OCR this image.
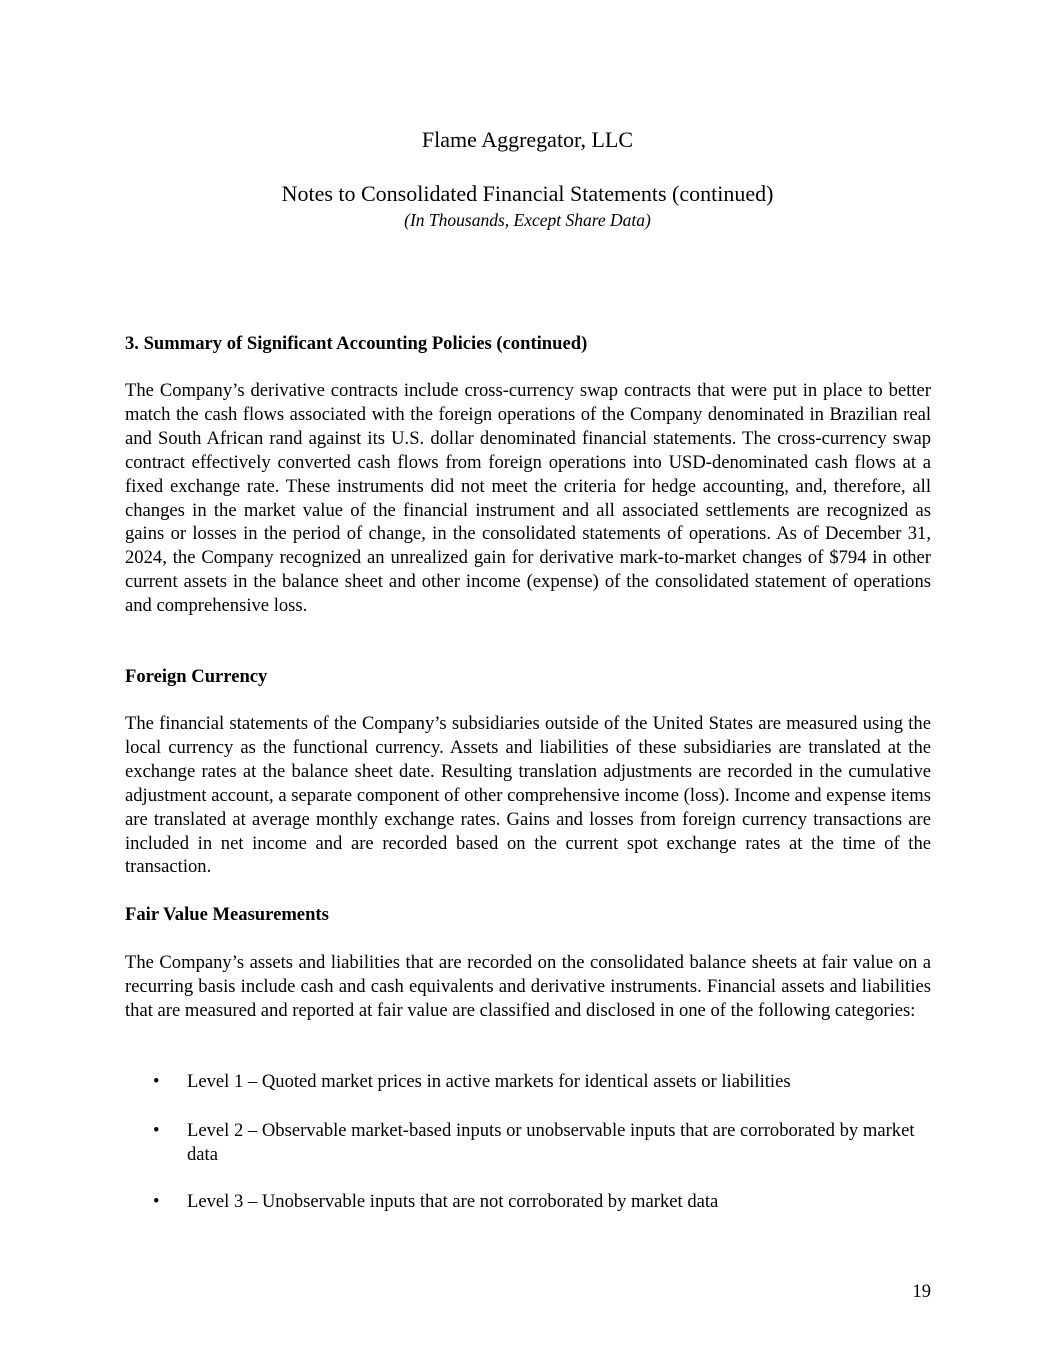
Flame Aggregator, LLC
Notes to Consolidated Financial Statements (continued)
(In Thousands, Except Share Data)
3. Summary of Significant Accounting Policies (continued)
The Company’s derivative contracts include cross-currency swap contracts that were put in place to better match the cash flows associated with the foreign operations of the Company denominated in Brazilian real and South African rand against its U.S. dollar denominated financial statements. The cross-currency swap contract effectively converted cash flows from foreign operations into USD-denominated cash flows at a fixed exchange rate. These instruments did not meet the criteria for hedge accounting, and, therefore, all changes in the market value of the financial instrument and all associated settlements are recognized as gains or losses in the period of change, in the consolidated statements of operations. As of December 31, 2024, the Company recognized an unrealized gain for derivative mark-to-market changes of $794 in other current assets in the balance sheet and other income (expense) of the consolidated statement of operations and comprehensive loss.
Foreign Currency
The financial statements of the Company’s subsidiaries outside of the United States are measured using the local currency as the functional currency. Assets and liabilities of these subsidiaries are translated at the exchange rates at the balance sheet date. Resulting translation adjustments are recorded in the cumulative adjustment account, a separate component of other comprehensive income (loss). Income and expense items are translated at average monthly exchange rates. Gains and losses from foreign currency transactions are included in net income and are recorded based on the current spot exchange rates at the time of the transaction.
Fair Value Measurements
The Company’s assets and liabilities that are recorded on the consolidated balance sheets at fair value on a recurring basis include cash and cash equivalents and derivative instruments. Financial assets and liabilities that are measured and reported at fair value are classified and disclosed in one of the following categories:
• Level 1 – Quoted market prices in active markets for identical assets or liabilities
• Level 2 – Observable market-based inputs or unobservable inputs that are corroborated by market data
• Level 3 – Unobservable inputs that are not corroborated by market data
19
